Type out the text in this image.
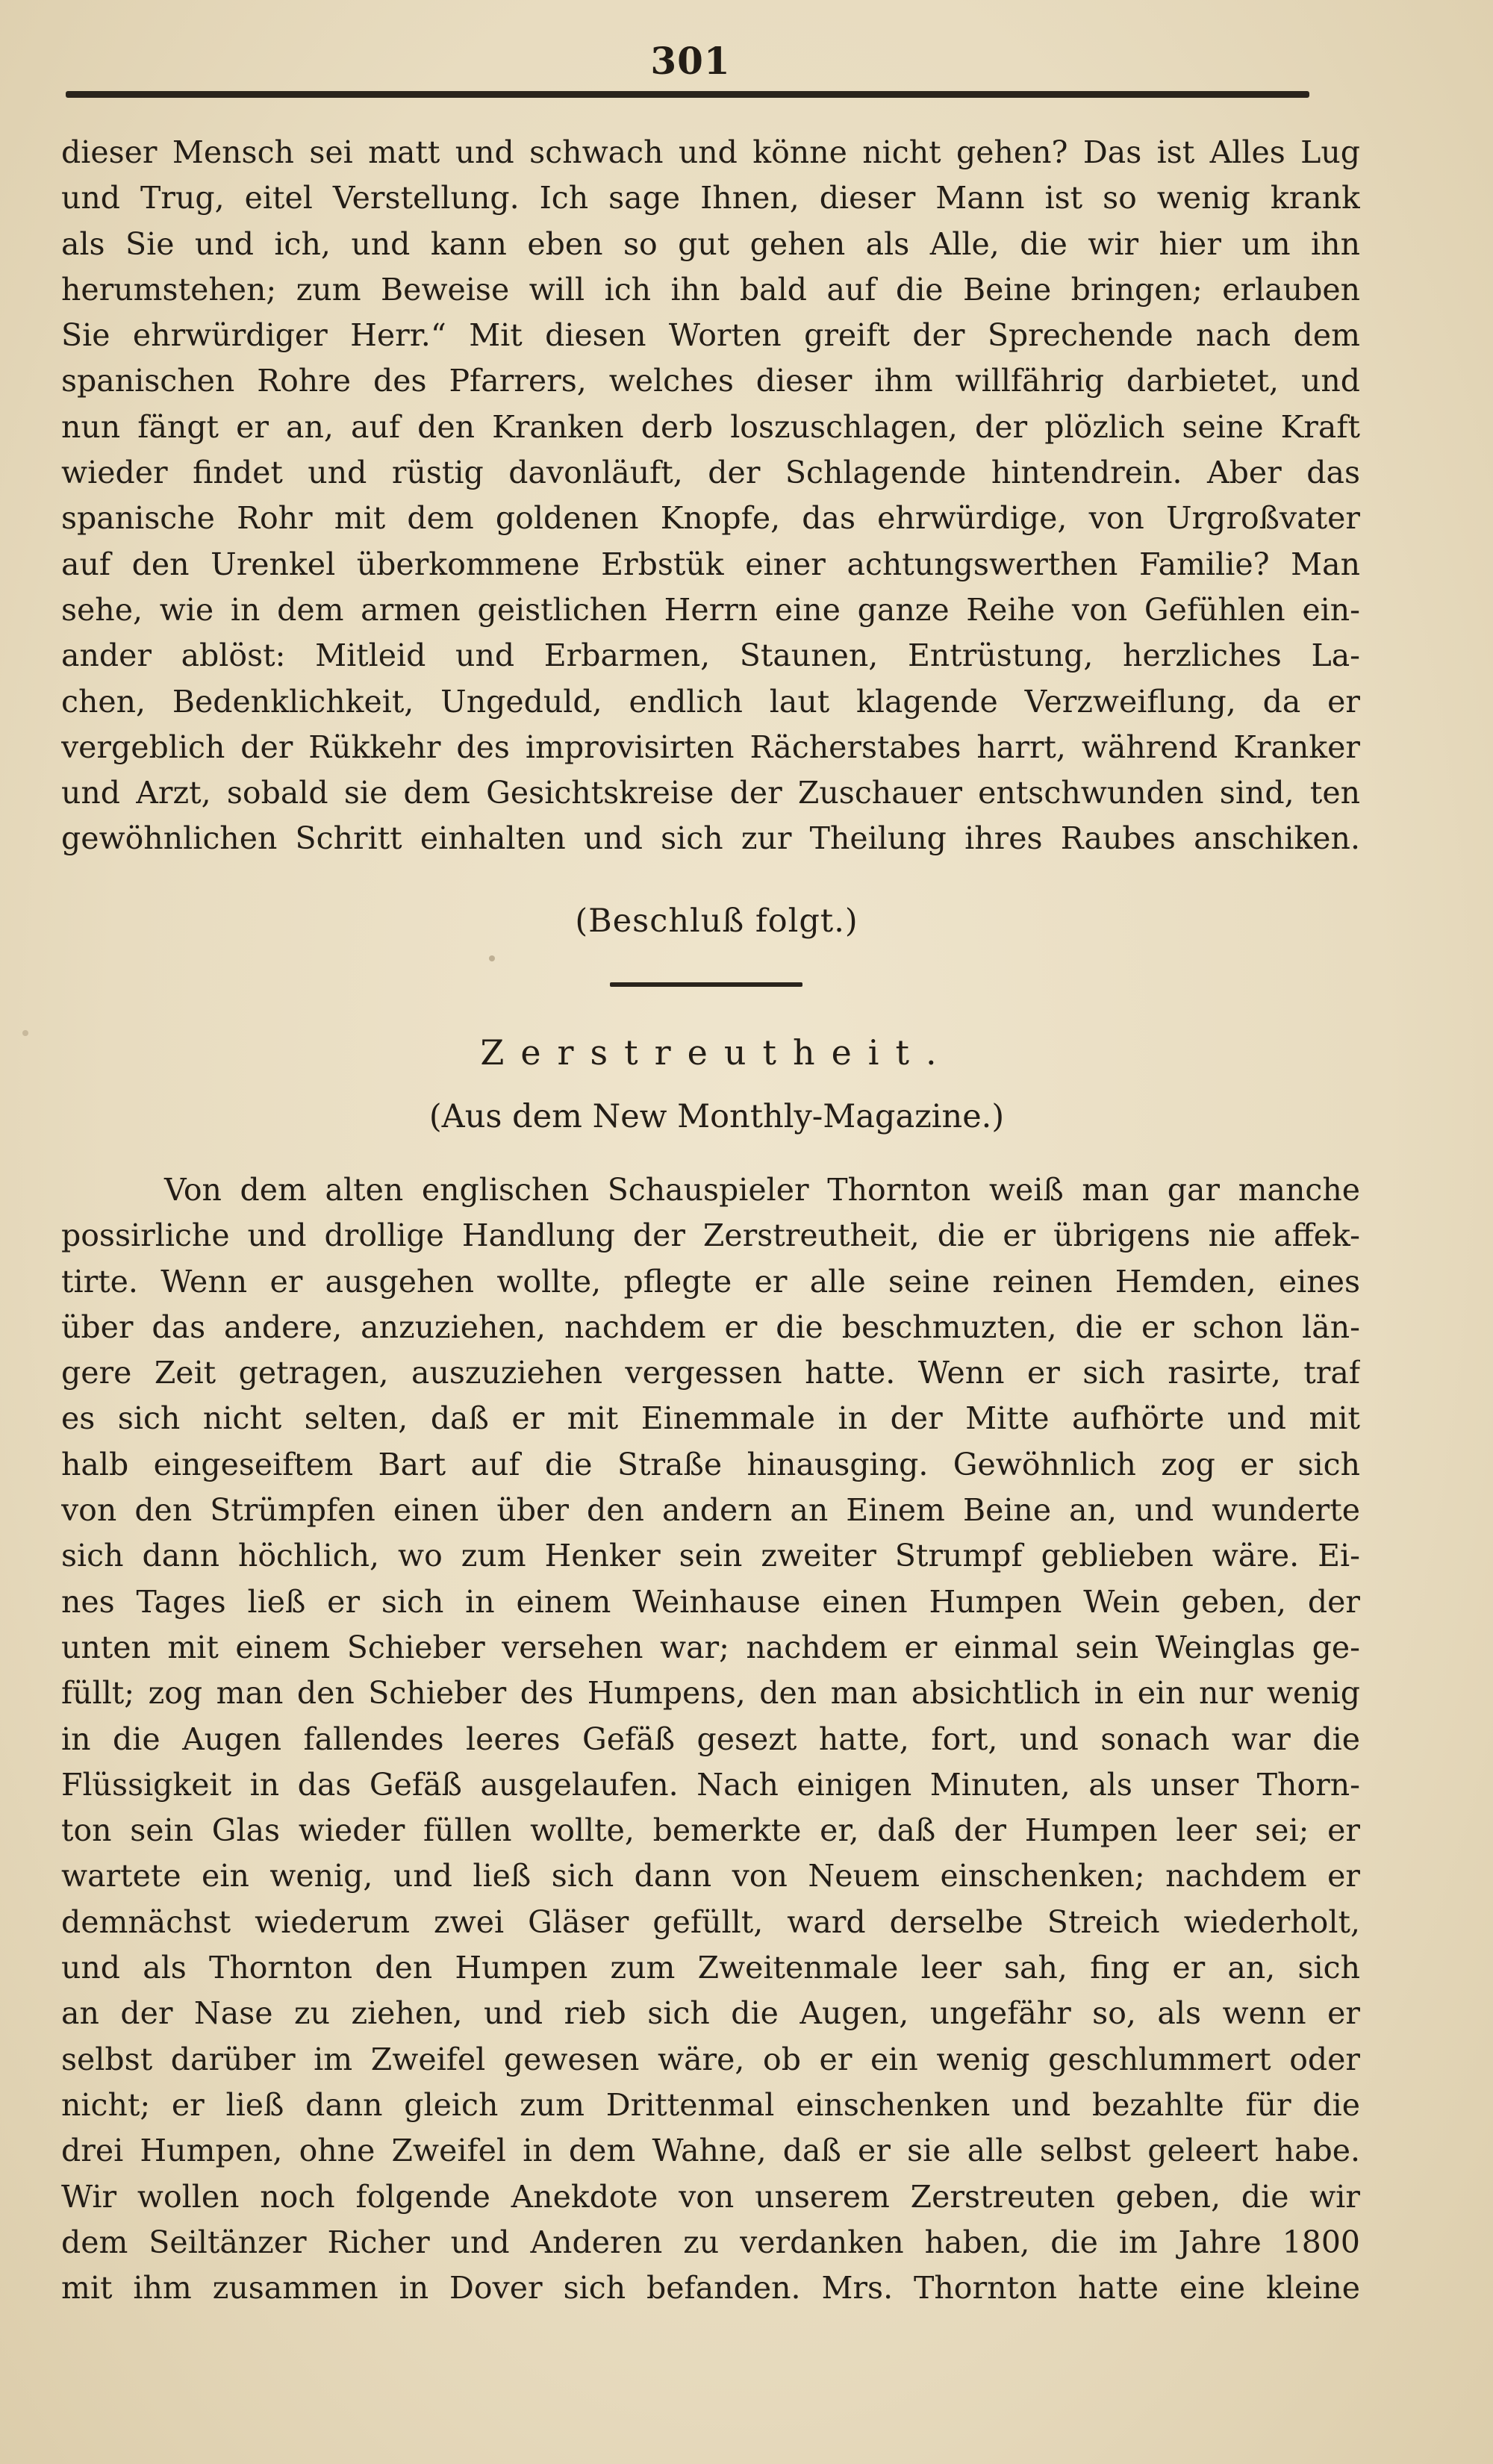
301
dieser Mensch sei matt und schwach und könne nicht gehen? Das ist Alles Lug
und Trug, eitel Verstellung. Ich sage Ihnen, dieser Mann ist so wenig krank
als Sie und ich, und kann eben so gut gehen als Alle, die wir hier um ihn
herumstehen; zum Beweise will ich ihn bald auf die Beine bringen; erlauben
Sie ehrwürdiger Herr.“ Mit diesen Worten greift der Sprechende nach dem
spanischen Rohre des Pfarrers, welches dieser ihm willfährig darbietet, und
nun fängt er an, auf den Kranken derb loszuschlagen, der plözlich seine Kraft
wieder findet und rüstig davonläuft, der Schlagende hintendrein. Aber das
spanische Rohr mit dem goldenen Knopfe, das ehrwürdige, von Urgroßvater
auf den Urenkel überkommene Erbstük einer achtungswerthen Familie? Man
sehe, wie in dem armen geistlichen Herrn eine ganze Reihe von Gefühlen ein-
ander ablöst: Mitleid und Erbarmen, Staunen, Entrüstung, herzliches La-
chen, Bedenklichkeit, Ungeduld, endlich laut klagende Verzweiflung, da er
vergeblich der Rükkehr des improvisirten Rächerstabes harrt, während Kranker
und Arzt, sobald sie dem Gesichtskreise der Zuschauer entschwunden sind, ten
gewöhnlichen Schritt einhalten und sich zur Theilung ihres Raubes anschiken.
(Beschluß folgt.)
Zerstreutheit.
(Aus dem New Monthly-Magazine.)
Von dem alten englischen Schauspieler Thornton weiß man gar manche
possirliche und drollige Handlung der Zerstreutheit, die er übrigens nie affek-
tirte. Wenn er ausgehen wollte, pflegte er alle seine reinen Hemden, eines
über das andere, anzuziehen, nachdem er die beschmuzten, die er schon län-
gere Zeit getragen, auszuziehen vergessen hatte. Wenn er sich rasirte, traf
es sich nicht selten, daß er mit Einemmale in der Mitte aufhörte und mit
halb eingeseiftem Bart auf die Straße hinausging. Gewöhnlich zog er sich
von den Strümpfen einen über den andern an Einem Beine an, und wunderte
sich dann höchlich, wo zum Henker sein zweiter Strumpf geblieben wäre. Ei-
nes Tages ließ er sich in einem Weinhause einen Humpen Wein geben, der
unten mit einem Schieber versehen war; nachdem er einmal sein Weinglas ge-
füllt; zog man den Schieber des Humpens, den man absichtlich in ein nur wenig
in die Augen fallendes leeres Gefäß gesezt hatte, fort, und sonach war die
Flüssigkeit in das Gefäß ausgelaufen. Nach einigen Minuten, als unser Thorn-
ton sein Glas wieder füllen wollte, bemerkte er, daß der Humpen leer sei; er
wartete ein wenig, und ließ sich dann von Neuem einschenken; nachdem er
demnächst wiederum zwei Gläser gefüllt, ward derselbe Streich wiederholt,
und als Thornton den Humpen zum Zweitenmale leer sah, fing er an, sich
an der Nase zu ziehen, und rieb sich die Augen, ungefähr so, als wenn er
selbst darüber im Zweifel gewesen wäre, ob er ein wenig geschlummert oder
nicht; er ließ dann gleich zum Drittenmal einschenken und bezahlte für die
drei Humpen, ohne Zweifel in dem Wahne, daß er sie alle selbst geleert habe.
Wir wollen noch folgende Anekdote von unserem Zerstreuten geben, die wir
dem Seiltänzer Richer und Anderen zu verdanken haben, die im Jahre 1800
mit ihm zusammen in Dover sich befanden. Mrs. Thornton hatte eine kleine
